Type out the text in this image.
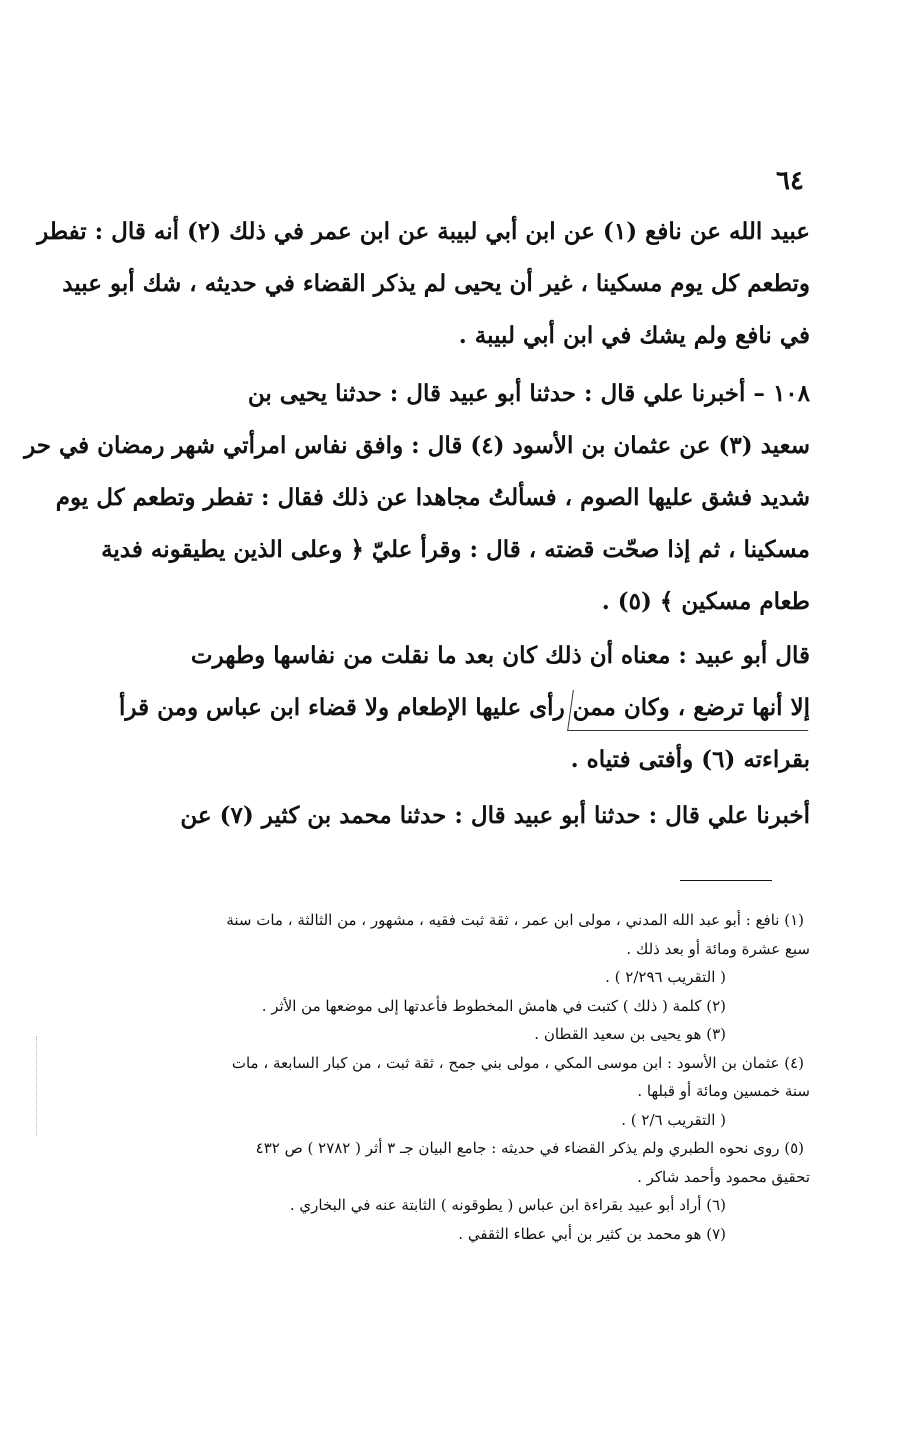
٦٤
عبيد الله عن نافع (١) عن ابن أبي لبيبة عن ابن عمر في ذلك (٢) أنه قال : تفطر
وتطعم كل يوم مسكينا ، غير أن يحيى لم يذكر القضاء في حديثه ، شك أبو عبيد
في نافع ولم يشك في ابن أبي لبيبة .
١٠٨ – أخبرنا علي قال : حدثنا أبو عبيد قال : حدثنا يحيى بن
سعيد (٣) عن عثمان بن الأسود (٤) قال : وافق نفاس امرأتي شهر رمضان في حر
شديد فشق عليها الصوم ، فسألتُ مجاهدا عن ذلك فقال : تفطر وتطعم كل يوم
مسكينا ، ثم إذا صحّت قضته ، قال : وقرأ عليّ ﴿ وعلى الذين يطيقونه فدية
طعام مسكين ﴾ (٥) .
قال أبو عبيد : معناه أن ذلك كان بعد ما نقلت من نفاسها وطهرت
إلا أنها ترضع ، وكان ممن رأى عليها الإطعام ولا قضاء ابن عباس ومن قرأ
بقراءته (٦) وأفتى فتياه .
أخبرنا علي قال : حدثنا أبو عبيد قال : حدثنا محمد بن كثير (٧) عن
(١) نافع : أبو عبد الله المدني ، مولى ابن عمر ، ثقة ثبت فقيه ، مشهور ، من الثالثة ، مات سنة
سبع عشرة ومائة أو بعد ذلك .
( التقريب ٢/٢٩٦ ) .
(٢) كلمة ( ذلك ) كتبت في هامش المخطوط فأعدتها إلى موضعها من الأثر .
(٣) هو يحيى بن سعيد القطان .
(٤) عثمان بن الأسود : ابن موسى المكي ، مولى بني جمح ، ثقة ثبت ، من كبار السابعة ، مات
سنة خمسين ومائة أو قبلها .
( التقريب ٢/٦ ) .
(٥) روى نحوه الطبري ولم يذكر القضاء في حديثه : جامع البيان جـ ٣ أثر ( ٢٧٨٢ ) ص ٤٣٢
تحقيق محمود وأحمد شاكر .
(٦) أراد أبو عبيد بقراءة ابن عباس ( يطوقونه ) الثابتة عنه في البخاري .
(٧) هو محمد بن كثير بن أبي عطاء الثقفي .
